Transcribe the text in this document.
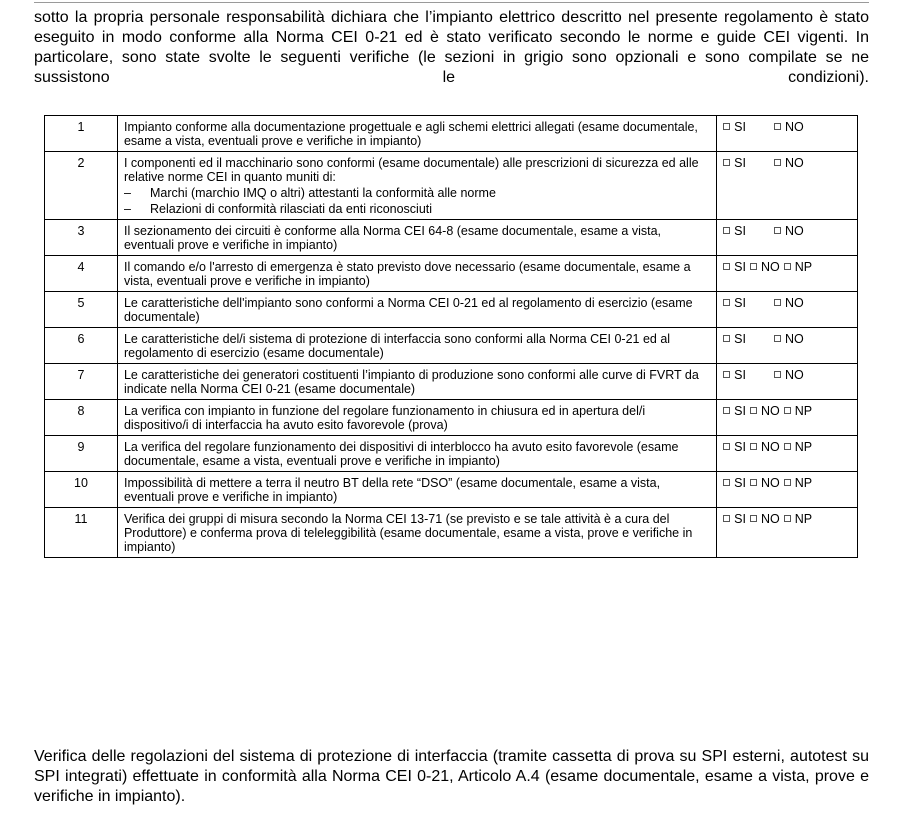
sotto la propria personale responsabilità dichiara che l’impianto elettrico descritto nel presente regolamento è stato eseguito in modo conforme alla Norma CEI 0-21 ed è stato verificato secondo le norme e guide CEI vigenti. In particolare, sono state svolte le seguenti verifiche (le sezioni in grigio sono opzionali e sono compilate se ne sussistono le condizioni).

1	Impianto conforme alla documentazione progettuale e agli schemi elettrici allegati (esame documentale, esame a vista, eventuali prove e verifiche in impianto)	SI NO
2	I componenti ed il macchinario sono conformi (esame documentale) alle prescrizioni di sicurezza ed alle relative norme CEI in quanto muniti di:
– Marchi (marchio IMQ o altri) attestanti la conformità alle norme
– Relazioni di conformità rilasciati da enti riconosciuti	SI NO
3	Il sezionamento dei circuiti è conforme alla Norma CEI 64-8 (esame documentale, esame a vista, eventuali prove e verifiche in impianto)	SI NO
4	Il comando e/o l'arresto di emergenza è stato previsto dove necessario (esame documentale, esame a vista, eventuali prove e verifiche in impianto)	SI NO NP
5	Le caratteristiche dell'impianto sono conformi a Norma CEI 0-21 ed al regolamento di esercizio (esame documentale)	SI NO
6	Le caratteristiche del/i sistema di protezione di interfaccia sono conformi alla Norma CEI 0-21 ed al regolamento di esercizio (esame documentale)	SI NO
7	Le caratteristiche dei generatori costituenti l’impianto di produzione sono conformi alle curve di FVRT da indicate nella Norma CEI 0-21 (esame documentale)	SI NO
8	La verifica con impianto in funzione del regolare funzionamento in chiusura ed in apertura del/i dispositivo/i di interfaccia ha avuto esito favorevole (prova)	SI NO NP
9	La verifica del regolare funzionamento dei dispositivi di interblocco ha avuto esito favorevole (esame documentale, esame a vista, eventuali prove e verifiche in impianto)	SI NO NP
10	Impossibilità di mettere a terra il neutro BT della rete “DSO” (esame documentale, esame a vista, eventuali prove e verifiche in impianto)	SI NO NP
11	Verifica dei gruppi di misura secondo la Norma CEI 13-71 (se previsto e se tale attività è a cura del Produttore) e conferma prova di teleleggibilità (esame documentale, esame a vista, prove e verifiche in impianto)	SI NO NP

Verifica delle regolazioni del sistema di protezione di interfaccia (tramite cassetta di prova su SPI esterni, autotest su SPI integrati) effettuate in conformità alla Norma CEI 0-21, Articolo A.4 (esame documentale, esame a vista, prove e verifiche in impianto).
